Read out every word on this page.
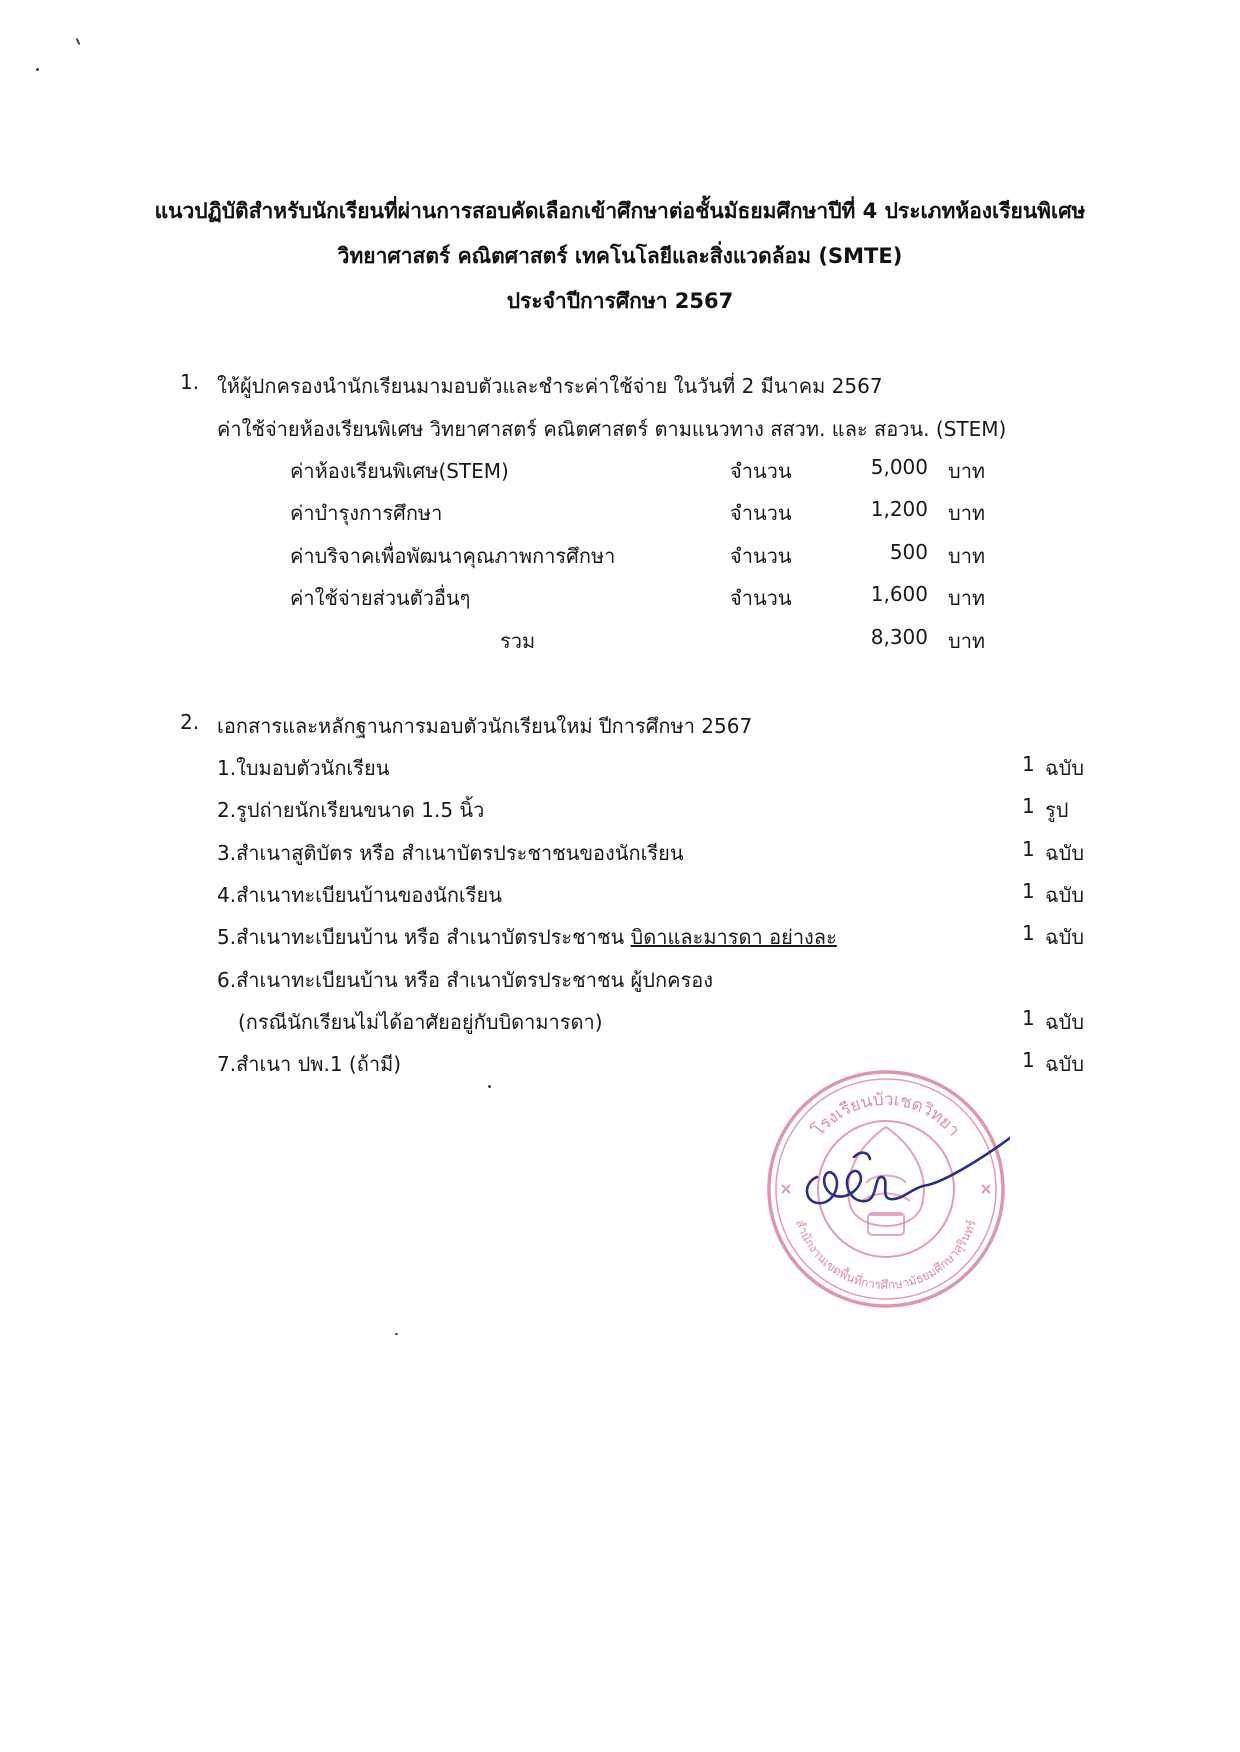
แนวปฏิบัติสำหรับนักเรียนที่ผ่านการสอบคัดเลือกเข้าศึกษาต่อชั้นมัธยมศึกษาปีที่ 4 ประเภทห้องเรียนพิเศษ
วิทยาศาสตร์ คณิตศาสตร์ เทคโนโลยีและสิ่งแวดล้อม (SMTE)
ประจำปีการศึกษา 2567
1. ให้ผู้ปกครองนำนักเรียนมามอบตัวและชำระค่าใช้จ่าย ในวันที่ 2 มีนาคม 2567
ค่าใช้จ่ายห้องเรียนพิเศษ วิทยาศาสตร์ คณิตศาสตร์ ตามแนวทาง สสวท. และ สอวน. (STEM)
ค่าห้องเรียนพิเศษ(STEM)	จำนวน	5,000 บาท
ค่าบำรุงการศึกษา	จำนวน	1,200 บาท
ค่าบริจาคเพื่อพัฒนาคุณภาพการศึกษา	จำนวน	500 บาท
ค่าใช้จ่ายส่วนตัวอื่นๆ	จำนวน	1,600 บาท
รวม	8,300 บาท
2. เอกสารและหลักฐานการมอบตัวนักเรียนใหม่ ปีการศึกษา 2567
1.ใบมอบตัวนักเรียน	1 ฉบับ
2.รูปถ่ายนักเรียนขนาด 1.5 นิ้ว	1 รูป
3.สำเนาสูติบัตร หรือ สำเนาบัตรประชาชนของนักเรียน	1 ฉบับ
4.สำเนาทะเบียนบ้านของนักเรียน	1 ฉบับ
5.สำเนาทะเบียนบ้าน หรือ สำเนาบัตรประชาชน บิดาและมารดา อย่างละ	1 ฉบับ
6.สำเนาทะเบียนบ้าน หรือ สำเนาบัตรประชาชน ผู้ปกครอง
(กรณีนักเรียนไม่ได้อาศัยอยู่กับบิดามารดา)	1 ฉบับ
7.สำเนา ปพ.1 (ถ้ามี)	1 ฉบับ
โรงเรียนบัวเชดวิทยา
สำนักงานเขตพื้นที่การศึกษามัธยมศึกษาสุรินทร์
